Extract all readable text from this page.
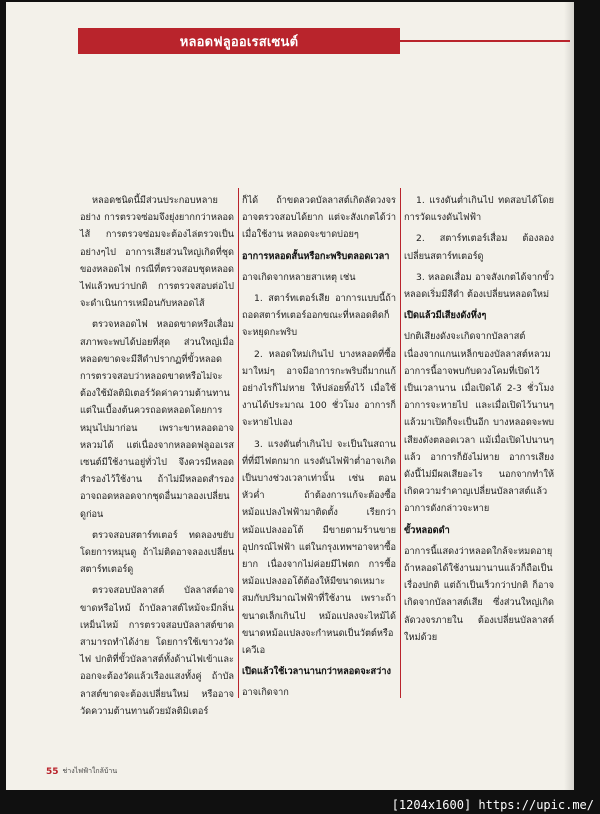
หลอดฟลูออเรสเซนต์

หลอดชนิดนี้มีส่วนประกอบหลายอย่าง การตรวจซ่อมจึงยุ่งยากกว่าหลอดไส้ การตรวจซ่อมจะต้องไล่ตรวจเป็นอย่างๆไป อาการเสียส่วนใหญ่เกิดที่ชุดของหลอดไฟ กรณีที่ตรวจสอบชุดหลอดไฟแล้วพบว่าปกติ การตรวจสอบต่อไปจะดำเนินการเหมือนกับหลอดไส้

ตรวจหลอดไฟ หลอดขาดหรือเสื่อมสภาพจะพบได้บ่อยที่สุด ส่วนใหญ่เมื่อหลอดขาดจะมีสีดำปรากฏที่ขั้วหลอด การตรวจสอบว่าหลอดขาดหรือไม่จะต้องใช้มัลติมิเตอร์วัดค่าความต้านทาน แต่ในเบื้องต้นควรถอดหลอดโดยการหมุนไปมาก่อน เพราะขาหลอดอาจหลวมได้ แต่เนื่องจากหลอดฟลูออเรสเซนต์มีใช้งานอยู่ทั่วไป จึงควรมีหลอดสำรองไว้ใช้งาน ถ้าไม่มีหลอดสำรองอาจถอดหลอดจากชุดอื่นมาลองเปลี่ยนดูก่อน

ตรวจสอบสตาร์ทเตอร์ ทดลองขยับโดยการหมุนดู ถ้าไม่ติดอาจลองเปลี่ยนสตาร์ทเตอร์ดู

ตรวจสอบบัลลาสต์ บัลลาสต์อาจขาดหรือไหม้ ถ้าบัลลาสต์ไหม้จะมีกลิ่นเหม็นไหม้ การตรวจสอบบัลลาสต์ขาดสามารถทำได้ง่าย โดยการใช้เขาวงวัดไฟ ปกติที่ขั้วบัลลาสต์ทั้งด้านไฟเข้าและออกจะต้องวัดแล้วเรืองแสงทั้งคู่ ถ้าบัลลาสต์ขาดจะต้องเปลี่ยนใหม่ หรืออาจวัดความต้านทานด้วยมัลติมิเตอร์

ก็ได้ ถ้าขดลวดบัลลาสต์เกิดลัดวงจรอาจตรวจสอบได้ยาก แต่จะสังเกตได้ว่าเมื่อใช้งาน หลอดจะขาดบ่อยๆ

อาการหลอดสั้นหรือกะพริบตลอดเวลา

อาจเกิดจากหลายสาเหตุ เช่น

1. สตาร์ทเตอร์เสีย อาการแบบนี้ถ้าถอดสตาร์ทเตอร์ออกขณะที่หลอดติดก็จะหยุดกะพริบ

2. หลอดใหม่เกินไป บางหลอดที่ซื้อมาใหม่ๆ อาจมีอาการกะพริบถี่มากแก้อย่างไรก็ไม่หาย ให้ปล่อยทิ้งไว้ เมื่อใช้งานได้ประมาณ 100 ชั่วโมง อาการก็จะหายไปเอง

3. แรงดันต่ำเกินไป จะเป็นในสถานที่ที่มีไฟตกมาก แรงดันไฟฟ้าต่ำอาจเกิดเป็นบางช่วงเวลาเท่านั้น เช่น ตอนหัวค่ำ ถ้าต้องการแก้จะต้องซื้อหม้อแปลงไฟฟ้ามาติดตั้ง เรียกว่าหม้อแปลงออโต้ มีขายตามร้านขายอุปกรณ์ไฟฟ้า แต่ในกรุงเทพฯอาจหาซื้อยาก เนื่องจากไม่ค่อยมีไฟตก การซื้อหม้อแปลงออโต้ต้องให้มีขนาดเหมาะสมกับปริมาณไฟฟ้าที่ใช้งาน เพราะถ้าขนาดเล็กเกินไป หม้อแปลงจะไหม้ได้ ขนาดหม้อแปลงจะกำหนดเป็นวัตต์หรือเควีเอ

เปิดแล้วใช้เวลานานกว่าหลอดจะสว่าง

อาจเกิดจาก

1. แรงดันต่ำเกินไป ทดสอบได้โดยการวัดแรงดันไฟฟ้า

2. สตาร์ทเตอร์เสื่อม ต้องลองเปลี่ยนสตาร์ทเตอร์ดู

3. หลอดเสื่อม อาจสังเกตได้จากขั้วหลอดเริ่มมีสีดำ ต้องเปลี่ยนหลอดใหม่

เปิดแล้วมีเสียงดังหึ่งๆ

ปกติเสียงดังจะเกิดจากบัลลาสต์ เนื่องจากแกนเหล็กของบัลลาสต์หลวม อาการนี้อาจพบกับดวงโคมที่เปิดไว้เป็นเวลานาน เมื่อเปิดได้ 2-3 ชั่วโมง อาการจะหายไป และเมื่อเปิดไว้นานๆแล้วมาเปิดก็จะเป็นอีก บางหลอดจะพบเสียงดังตลอดเวลา แม้เมื่อเปิดไปนานๆแล้ว อาการก็ยังไม่หาย อาการเสียงดังนี้ไม่มีผลเสียอะไร นอกจากทำให้เกิดความรำคาญเปลี่ยนบัลลาสต์แล้วอาการดังกล่าวจะหาย

ขั้วหลอดดำ

อาการนี้แสดงว่าหลอดใกล้จะหมดอายุ ถ้าหลอดได้ใช้งานมานานแล้วก็ถือเป็นเรื่องปกติ แต่ถ้าเป็นเร็วกว่าปกติ ก็อาจเกิดจากบัลลาสต์เสีย ซึ่งส่วนใหญ่เกิดลัดวงจรภายใน ต้องเปลี่ยนบัลลาสต์ใหม่ด้วย

55 ช่างไฟฟ้าใกล้บ้าน
[1204x1600] https://upic.me/
